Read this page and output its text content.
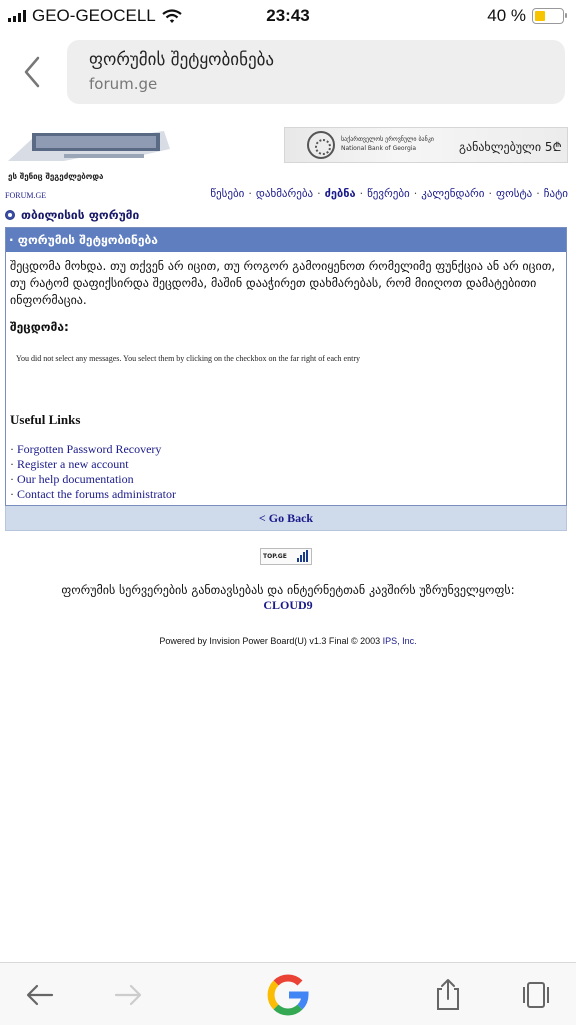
GEO-GEOCELL	23:43	40 %
ფორუმის შეტყობინება
forum.ge
ეს შენიც შეგეძლებოდა
საქართველოს ეროვნული ბანკი
National Bank of Georgia	განახლებული 5₾
FORUM.GE	წესები · დახმარება · ძებნა · წევრები · კალენდარი · ფოსტა · ჩატი
თბილისის ფორუმი
· ფორუმის შეტყობინება
შეცდომა მოხდა. თუ თქვენ არ იცით, თუ როგორ გამოიყენოთ რომელიმე ფუნქცია ან არ იცით, თუ რატომ დაფიქსირდა შეცდომა, მაშინ დააჭირეთ დახმარებას, რომ მიიღოთ დამატებითი ინფორმაცია.
შეცდომა:
You did not select any messages. You select them by clicking on the checkbox on the far right of each entry
Useful Links
· Forgotten Password Recovery
· Register a new account
· Our help documentation
· Contact the forums administrator
< Go Back
TOP.GE
ფორუმის სერვერების განთავსებას და ინტერნეტთან კავშირს უზრუნველყოფს:
CLOUD9
Powered by Invision Power Board(U) v1.3 Final © 2003 IPS, Inc.
